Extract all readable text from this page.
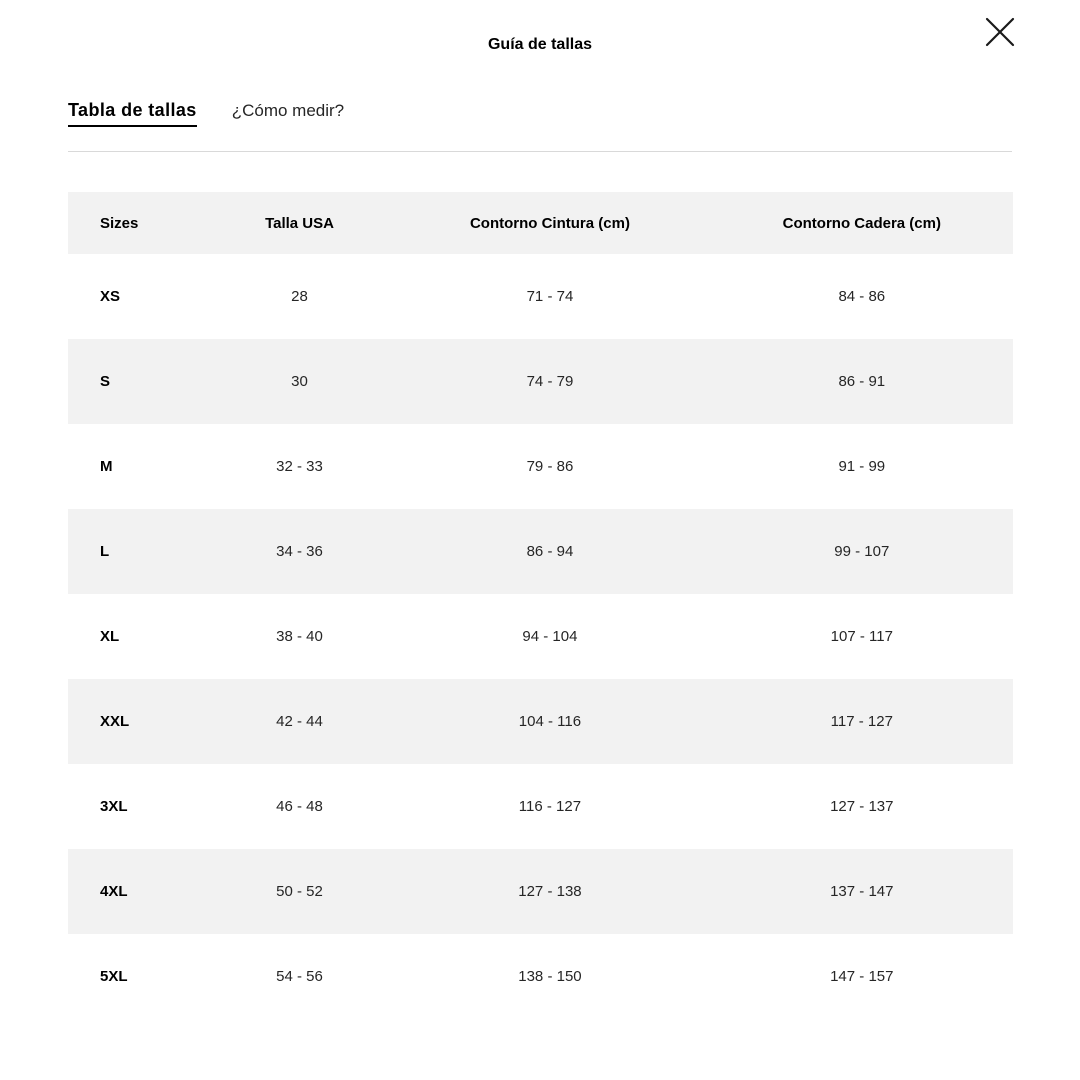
Guía de tallas
Tabla de tallas ¿Cómo medir?
Sizes	Talla USA	Contorno Cintura (cm)	Contorno Cadera (cm)
XS	28	71 - 74	84 - 86
S	30	74 - 79	86 - 91
M	32 - 33	79 - 86	91 - 99
L	34 - 36	86 - 94	99 - 107
XL	38 - 40	94 - 104	107 - 117
XXL	42 - 44	104 - 116	117 - 127
3XL	46 - 48	116 - 127	127 - 137
4XL	50 - 52	127 - 138	137 - 147
5XL	54 - 56	138 - 150	147 - 157
